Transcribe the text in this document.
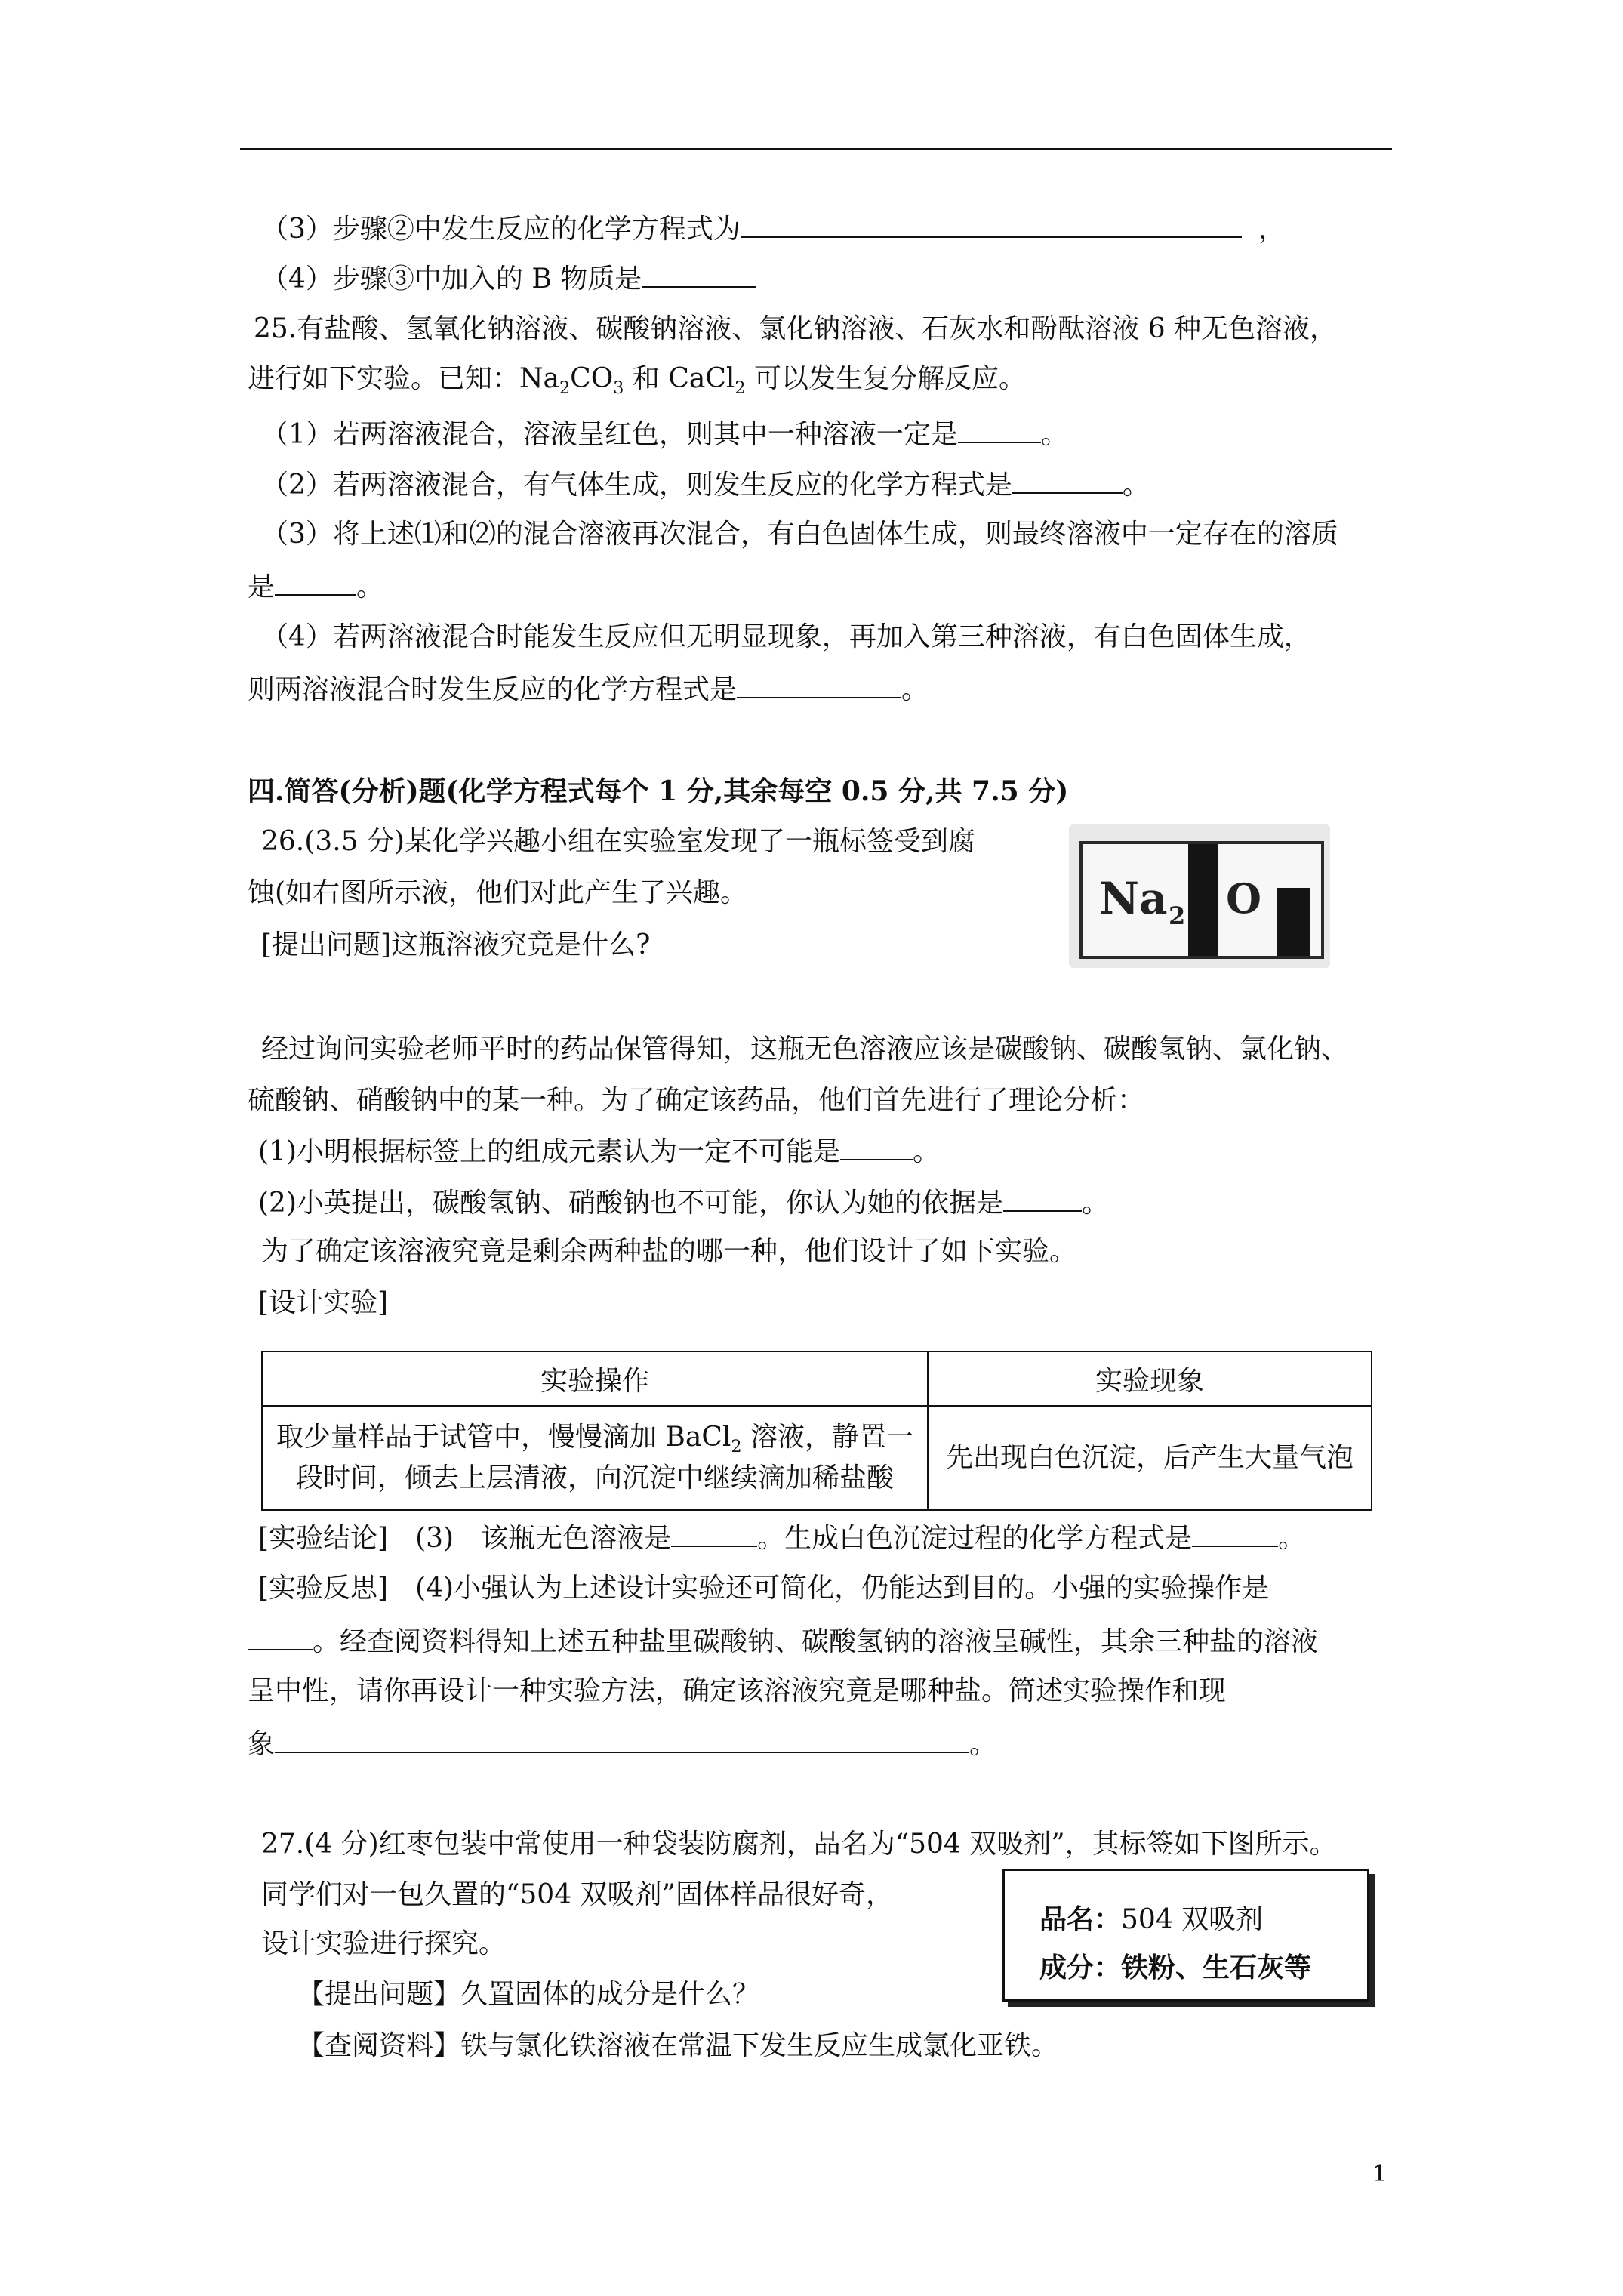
（3）步骤②中发生反应的化学方程式为	，
（4）步骤③中加入的 B 物质是
25.有盐酸、氢氧化钠溶液、碳酸钠溶液、氯化钠溶液、石灰水和酚酞溶液 6 种无色溶液，
进行如下实验。已知：$Na_2CO_3$ 和 CaCl$_2$ 可以发生复分解反应。
（1）若两溶液混合，溶液呈红色，则其中一种溶液一定是	。
（2）若两溶液混合，有气体生成，则发生反应的化学方程式是	。
（3）将上述⑴和⑵的混合溶液再次混合，有白色固体生成，则最终溶液中一定存在的溶质
是	。
（4）若两溶液混合时能发生反应但无明显现象，再加入第三种溶液，有白色固体生成，
则两溶液混合时发生反应的化学方程式是	。
四.简答(分析)题(化学方程式每个 1 分,其余每空 0.5 分,共 7.5 分)
26.(3.5 分)某化学兴趣小组在实验室发现了一瓶标签受到腐
蚀(如右图所示液，他们对此产生了兴趣。
[提出问题]这瓶溶液究竟是什么?
Na 2 O
经过询问实验老师平时的药品保管得知，这瓶无色溶液应该是碳酸钠、碳酸氢钠、氯化钠、
硫酸钠、硝酸钠中的某一种。为了确定该药品，他们首先进行了理论分析：
(1)小明根据标签上的组成元素认为一定不可能是	。
(2)小英提出，碳酸氢钠、硝酸钠也不可能，你认为她的依据是	。
为了确定该溶液究竟是剩余两种盐的哪一种，他们设计了如下实验。
[设计实验]
实验操作	实验现象
取少量样品于试管中，慢慢滴加 BaCl$_2$ 溶液，静置一
段时间，倾去上层清液，向沉淀中继续滴加稀盐酸	先出现白色沉淀，后产生大量气泡
[实验结论]　(3)　该瓶无色溶液是	。生成白色沉淀过程的化学方程式是	。
[实验反思]　(4)小强认为上述设计实验还可简化，仍能达到目的。小强的实验操作是
。经查阅资料得知上述五种盐里碳酸钠、碳酸氢钠的溶液呈碱性，其余三种盐的溶液
呈中性，请你再设计一种实验方法，确定该溶液究竟是哪种盐。简述实验操作和现
象	。
27.(4 分)红枣包装中常使用一种袋装防腐剂，品名为“504 双吸剂”，其标签如下图所示。
同学们对一包久置的“504 双吸剂”固体样品很好奇，
设计实验进行探究。
品名：504 双吸剂
成分：铁粉、生石灰等
【提出问题】久置固体的成分是什么？
【查阅资料】铁与氯化铁溶液在常温下发生反应生成氯化亚铁。
1
